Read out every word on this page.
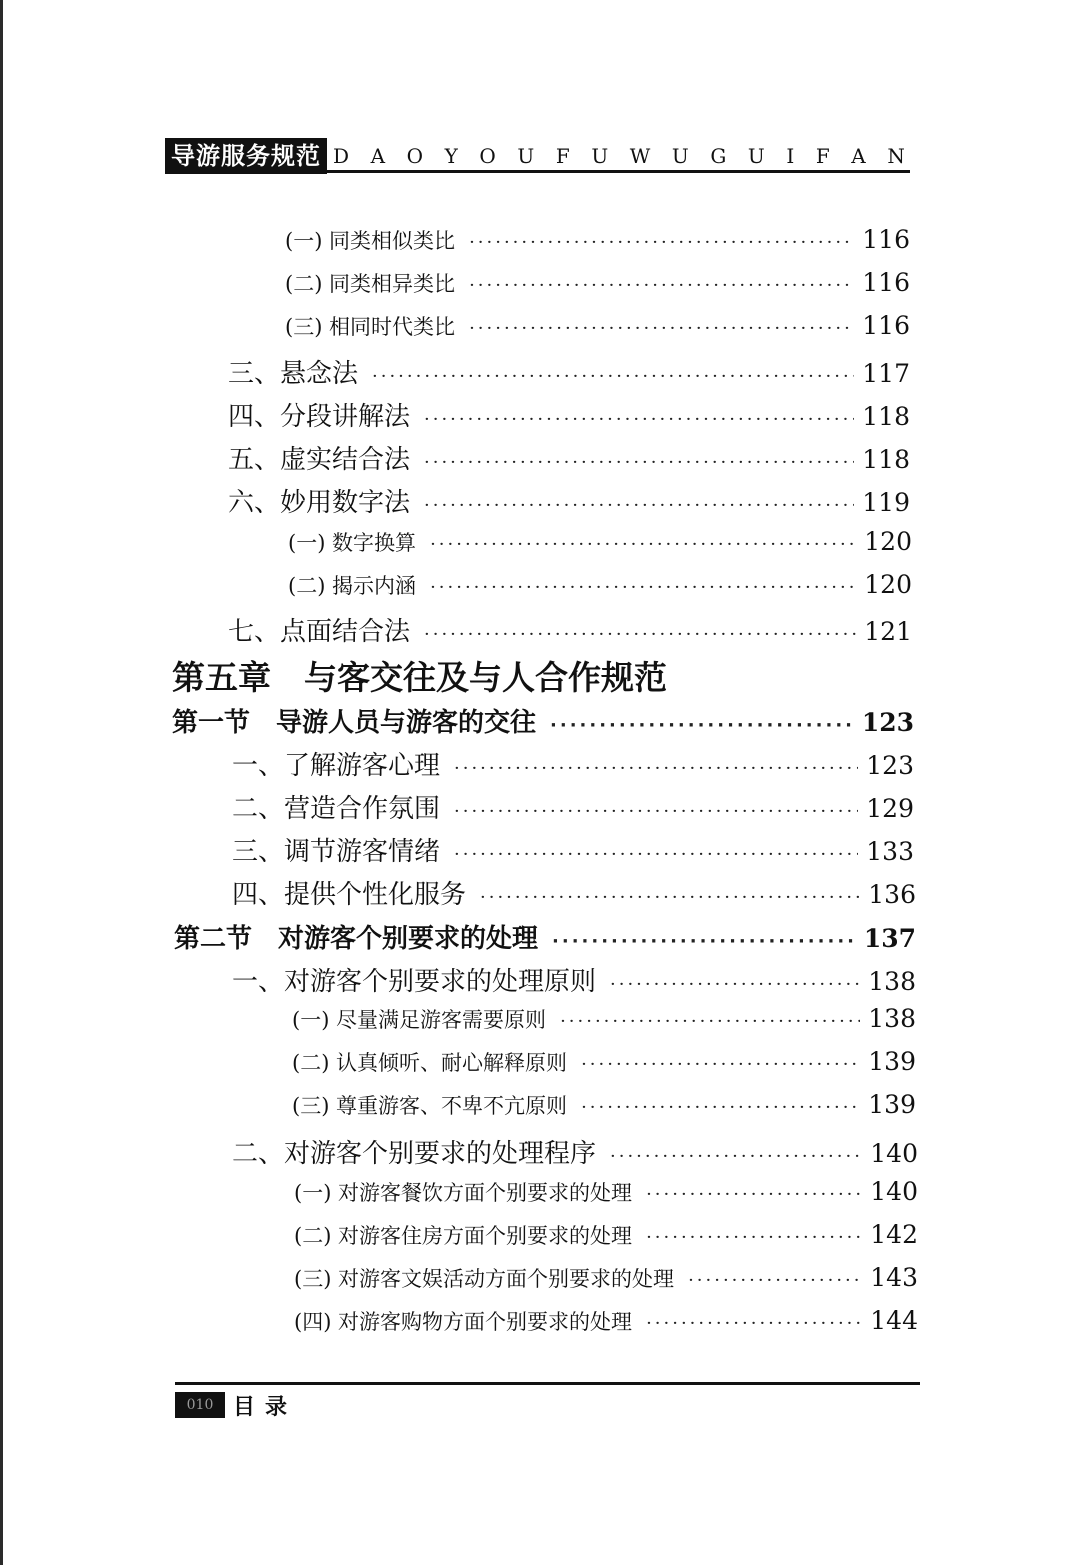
导游服务规范 D A O Y O U F U W U G U I F A N
(一) 同类相似类比 ·····	116
(二) 同类相异类比 ·····	116
(三) 相同时代类比 ·····	116
三、悬念法 ·····	117
四、分段讲解法 ·····	118
五、虚实结合法 ·····	118
六、妙用数字法 ·····	119
(一) 数字换算 ·····	120
(二) 揭示内涵 ·····	120
七、点面结合法 ·····	121
第五章　与客交往及与人合作规范
第一节　导游人员与游客的交往 ·····	123
一、了解游客心理 ·····	123
二、营造合作氛围 ·····	129
三、调节游客情绪 ·····	133
四、提供个性化服务 ·····	136
第二节　对游客个别要求的处理 ·····	137
一、对游客个别要求的处理原则 ·····	138
(一) 尽量满足游客需要原则 ·····	138
(二) 认真倾听、耐心解释原则 ·····	139
(三) 尊重游客、不卑不亢原则 ·····	139
二、对游客个别要求的处理程序 ·····	140
(一) 对游客餐饮方面个别要求的处理 ·····	140
(二) 对游客住房方面个别要求的处理 ·····	142
(三) 对游客文娱活动方面个别要求的处理 ·····	143
(四) 对游客购物方面个别要求的处理 ·····	144
010 目录
